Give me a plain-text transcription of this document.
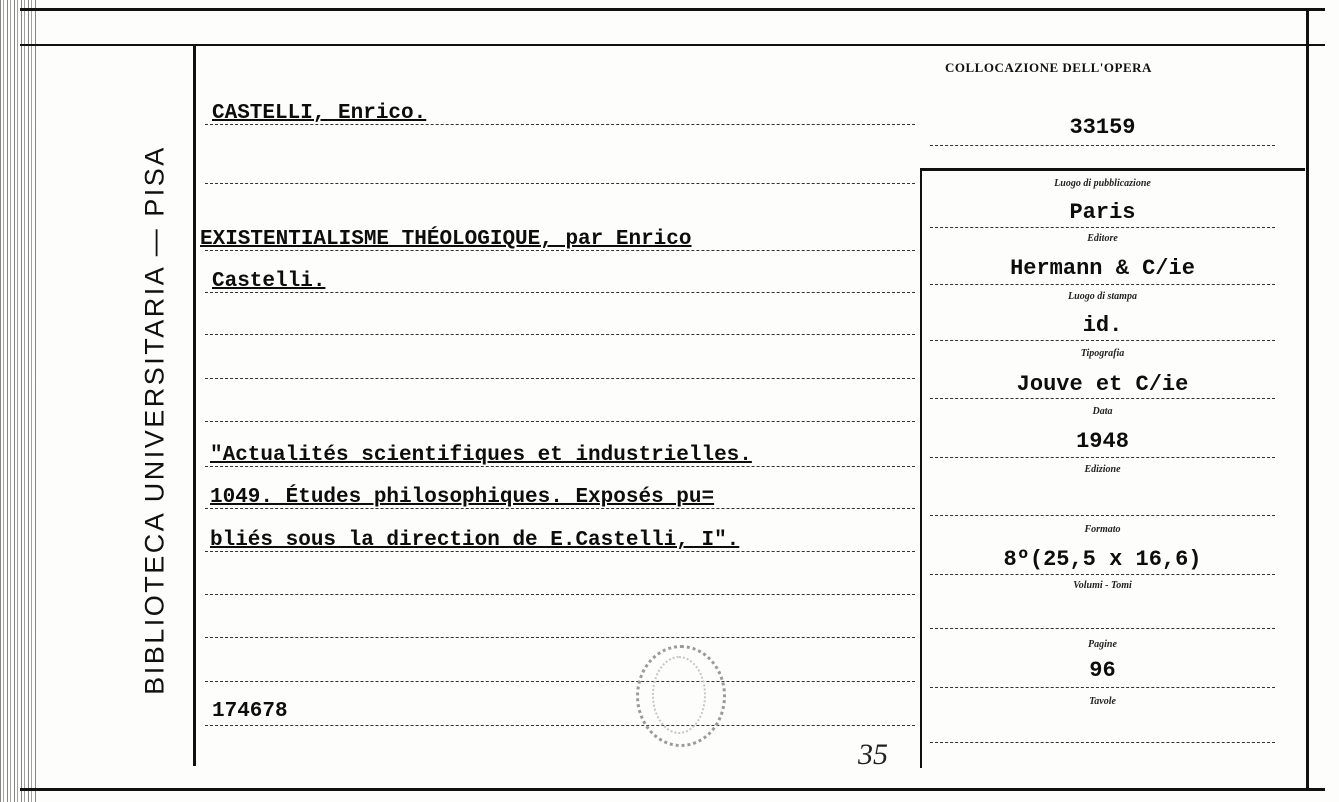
BIBLIOTECA UNIVERSITARIA — PISA
CASTELLI, Enrico.
EXISTENTIALISME THÉOLOGIQUE, par Enrico
Castelli.
"Actualités scientifiques et industrielles.
1049. Études philosophiques. Exposés pu=
bliés sous la direction de E.Castelli, I".
174678
COLLOCAZIONE DELL'OPERA
33159
Luogo di pubblicazione
Paris
Editore
Hermann & C/ie
Luogo di stampa
id.
Tipografia
Jouve et C/ie
Data
1948
Edizione
Formato
8º(25,5 x 16,6)
Volumi - Tomi
Pagine
96
Tavole
35
